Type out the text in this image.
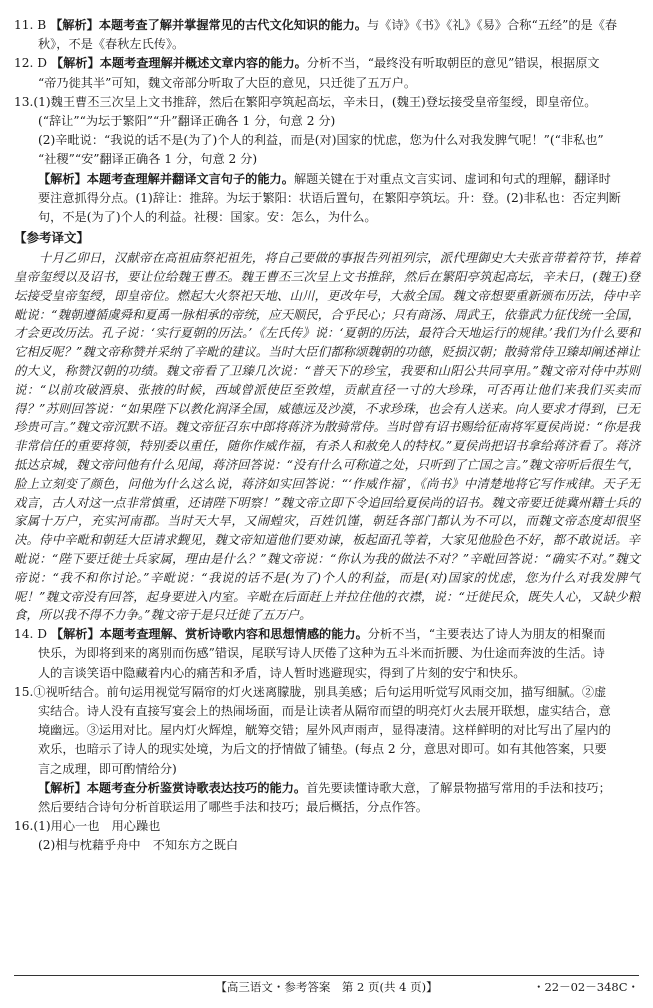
11. B 【解析】本题考查了解并掌握常见的古代文化知识的能力。与《诗》《书》《礼》《易》合称“五经”的是《春

秋》，不是《春秋左氏传》。

12. D 【解析】本题考查理解并概述文章内容的能力。分析不当，“最终没有听取朝臣的意见”错误，根据原文

“帝乃徙其半”可知，魏文帝部分听取了大臣的意见，只迁徙了五万户。

13.(1)魏王曹丕三次呈上文书推辞，然后在繁阳亭筑起高坛，辛未日，(魏王)登坛接受皇帝玺绶，即皇帝位。

(“辞让”“为坛于繁阳”“升”翻译正确各 1 分，句意 2 分)

(2)辛毗说：“我说的话不是(为了)个人的利益，而是(对)国家的忧虑，您为什么对我发脾气呢！”(“非私也”

“社稷”“安”翻译正确各 1 分，句意 2 分)

【解析】本题考查理解并翻译文言句子的能力。解题关键在于对重点文言实词、虚词和句式的理解，翻译时

要注意抓得分点。(1)辞让：推辞。为坛于繁阳：状语后置句，在繁阳亭筑坛。升：登。(2)非私也：否定判断

句，不是(为了)个人的利益。社稷：国家。安：怎么，为什么。

【参考译文】

十月乙卯日，汉献帝在高祖庙祭祀祖先，将自己要做的事报告列祖列宗，派代理御史大夫张音带着符节，捧着皇帝玺绶以及诏书，要让位给魏王曹丕。魏王曹丕三次呈上文书推辞，然后在繁阳亭筑起高坛，辛未日，(魏王)登坛接受皇帝玺绶，即皇帝位。燃起大火祭祀天地、山川，更改年号，大赦全国。魏文帝想要重新颁布历法，侍中辛毗说：“魏朝遵循虞舜和夏禹一脉相承的帝统，应天顺民，合乎民心；只有商汤、周武王，依靠武力征伐统一全国，才会更改历法。孔子说：‘实行夏朝的历法。’《左氏传》说：‘夏朝的历法，最符合天地运行的规律。’我们为什么要和它相反呢？”魏文帝称赞并采纳了辛毗的建议。当时大臣们都称颂魏朝的功德，贬损汉朝；散骑常侍卫臻却阐述禅让的大义，称赞汉朝的功绩。魏文帝看了卫臻几次说：“普天下的珍宝，我要和山阳公共同享用。”魏文帝对侍中苏则说：“以前攻破酒泉、张掖的时候，西域曾派使臣至敦煌，贡献直径一寸的大珍珠，可否再让他们来我们买卖而得？”苏则回答说：“如果陛下以教化润泽全国，威德远及沙漠，不求珍珠，也会有人送来。向人要求才得到，已无珍贵可言。”魏文帝沉默不语。魏文帝征召东中郎将蒋济为散骑常侍。当时曾有诏书赐给征南将军夏侯尚说：“你是我非常信任的重要将领，特别委以重任，随你作威作福，有杀人和赦免人的特权。”夏侯尚把诏书拿给蒋济看了。蒋济抵达京城，魏文帝问他有什么见闻，蒋济回答说：“没有什么可称道之处，只听到了亡国之言。”魏文帝听后很生气，脸上立刻变了颜色，问他为什么这么说，蒋济如实回答说：“‘作威作福’，《尚书》中清楚地将它写作戒律。天子无戏言，古人对这一点非常慎重，还请陛下明察！”魏文帝立即下令追回给夏侯尚的诏书。魏文帝要迁徙冀州籍士兵的家属十万户，充实河南郡。当时天大旱，又闹蝗灾，百姓饥馑，朝廷各部门都认为不可以，而魏文帝态度却很坚决。侍中辛毗和朝廷大臣请求觐见，魏文帝知道他们要劝谏，板起面孔等着，大家见他脸色不好，都不敢说话。辛毗说：“陛下要迁徙士兵家属，理由是什么？”魏文帝说：“你认为我的做法不对？”辛毗回答说：“确实不对。”魏文帝说：“我不和你讨论。”辛毗说：“我说的话不是(为了)个人的利益，而是(对)国家的忧虑，您为什么对我发脾气呢！”魏文帝没有回答，起身要进入内室。辛毗在后面赶上并拉住他的衣襟，说：“迁徙民众，既失人心，又缺少粮食，所以我不得不力争。”魏文帝于是只迁徙了五万户。

14. D 【解析】本题考查理解、赏析诗歌内容和思想情感的能力。分析不当，“主要表达了诗人为朋友的相聚而

快乐，为即将到来的离别而伤感”错误，尾联写诗人厌倦了这种为五斗米而折腰、为仕途而奔波的生活。诗

人的言谈笑语中隐藏着内心的痛苦和矛盾，诗人暂时逃避现实，得到了片刻的安宁和快乐。

15.①视听结合。前句运用视觉写隔帘的灯火迷离朦胧，别具美感；后句运用听觉写风雨交加，描写细腻。②虚

实结合。诗人没有直接写宴会上的热闹场面，而是让读者从隔帘而望的明亮灯火去展开联想，虚实结合，意

境幽远。③运用对比。屋内灯火辉煌，觥筹交错；屋外风声雨声，显得凄清。这样鲜明的对比写出了屋内的

欢乐，也暗示了诗人的现实处境，为后文的抒情做了铺垫。(每点 2 分，意思对即可。如有其他答案，只要

言之成理，即可酌情给分)

【解析】本题考查分析鉴赏诗歌表达技巧的能力。首先要读懂诗歌大意，了解景物描写常用的手法和技巧；

然后要结合诗句分析首联运用了哪些手法和技巧；最后概括，分点作答。

16.(1)用心一也　用心躁也

(2)相与枕藉乎舟中　不知东方之既白

【高三语文・参考答案　第 2 页(共 4 页)】	・22－02－348C・
